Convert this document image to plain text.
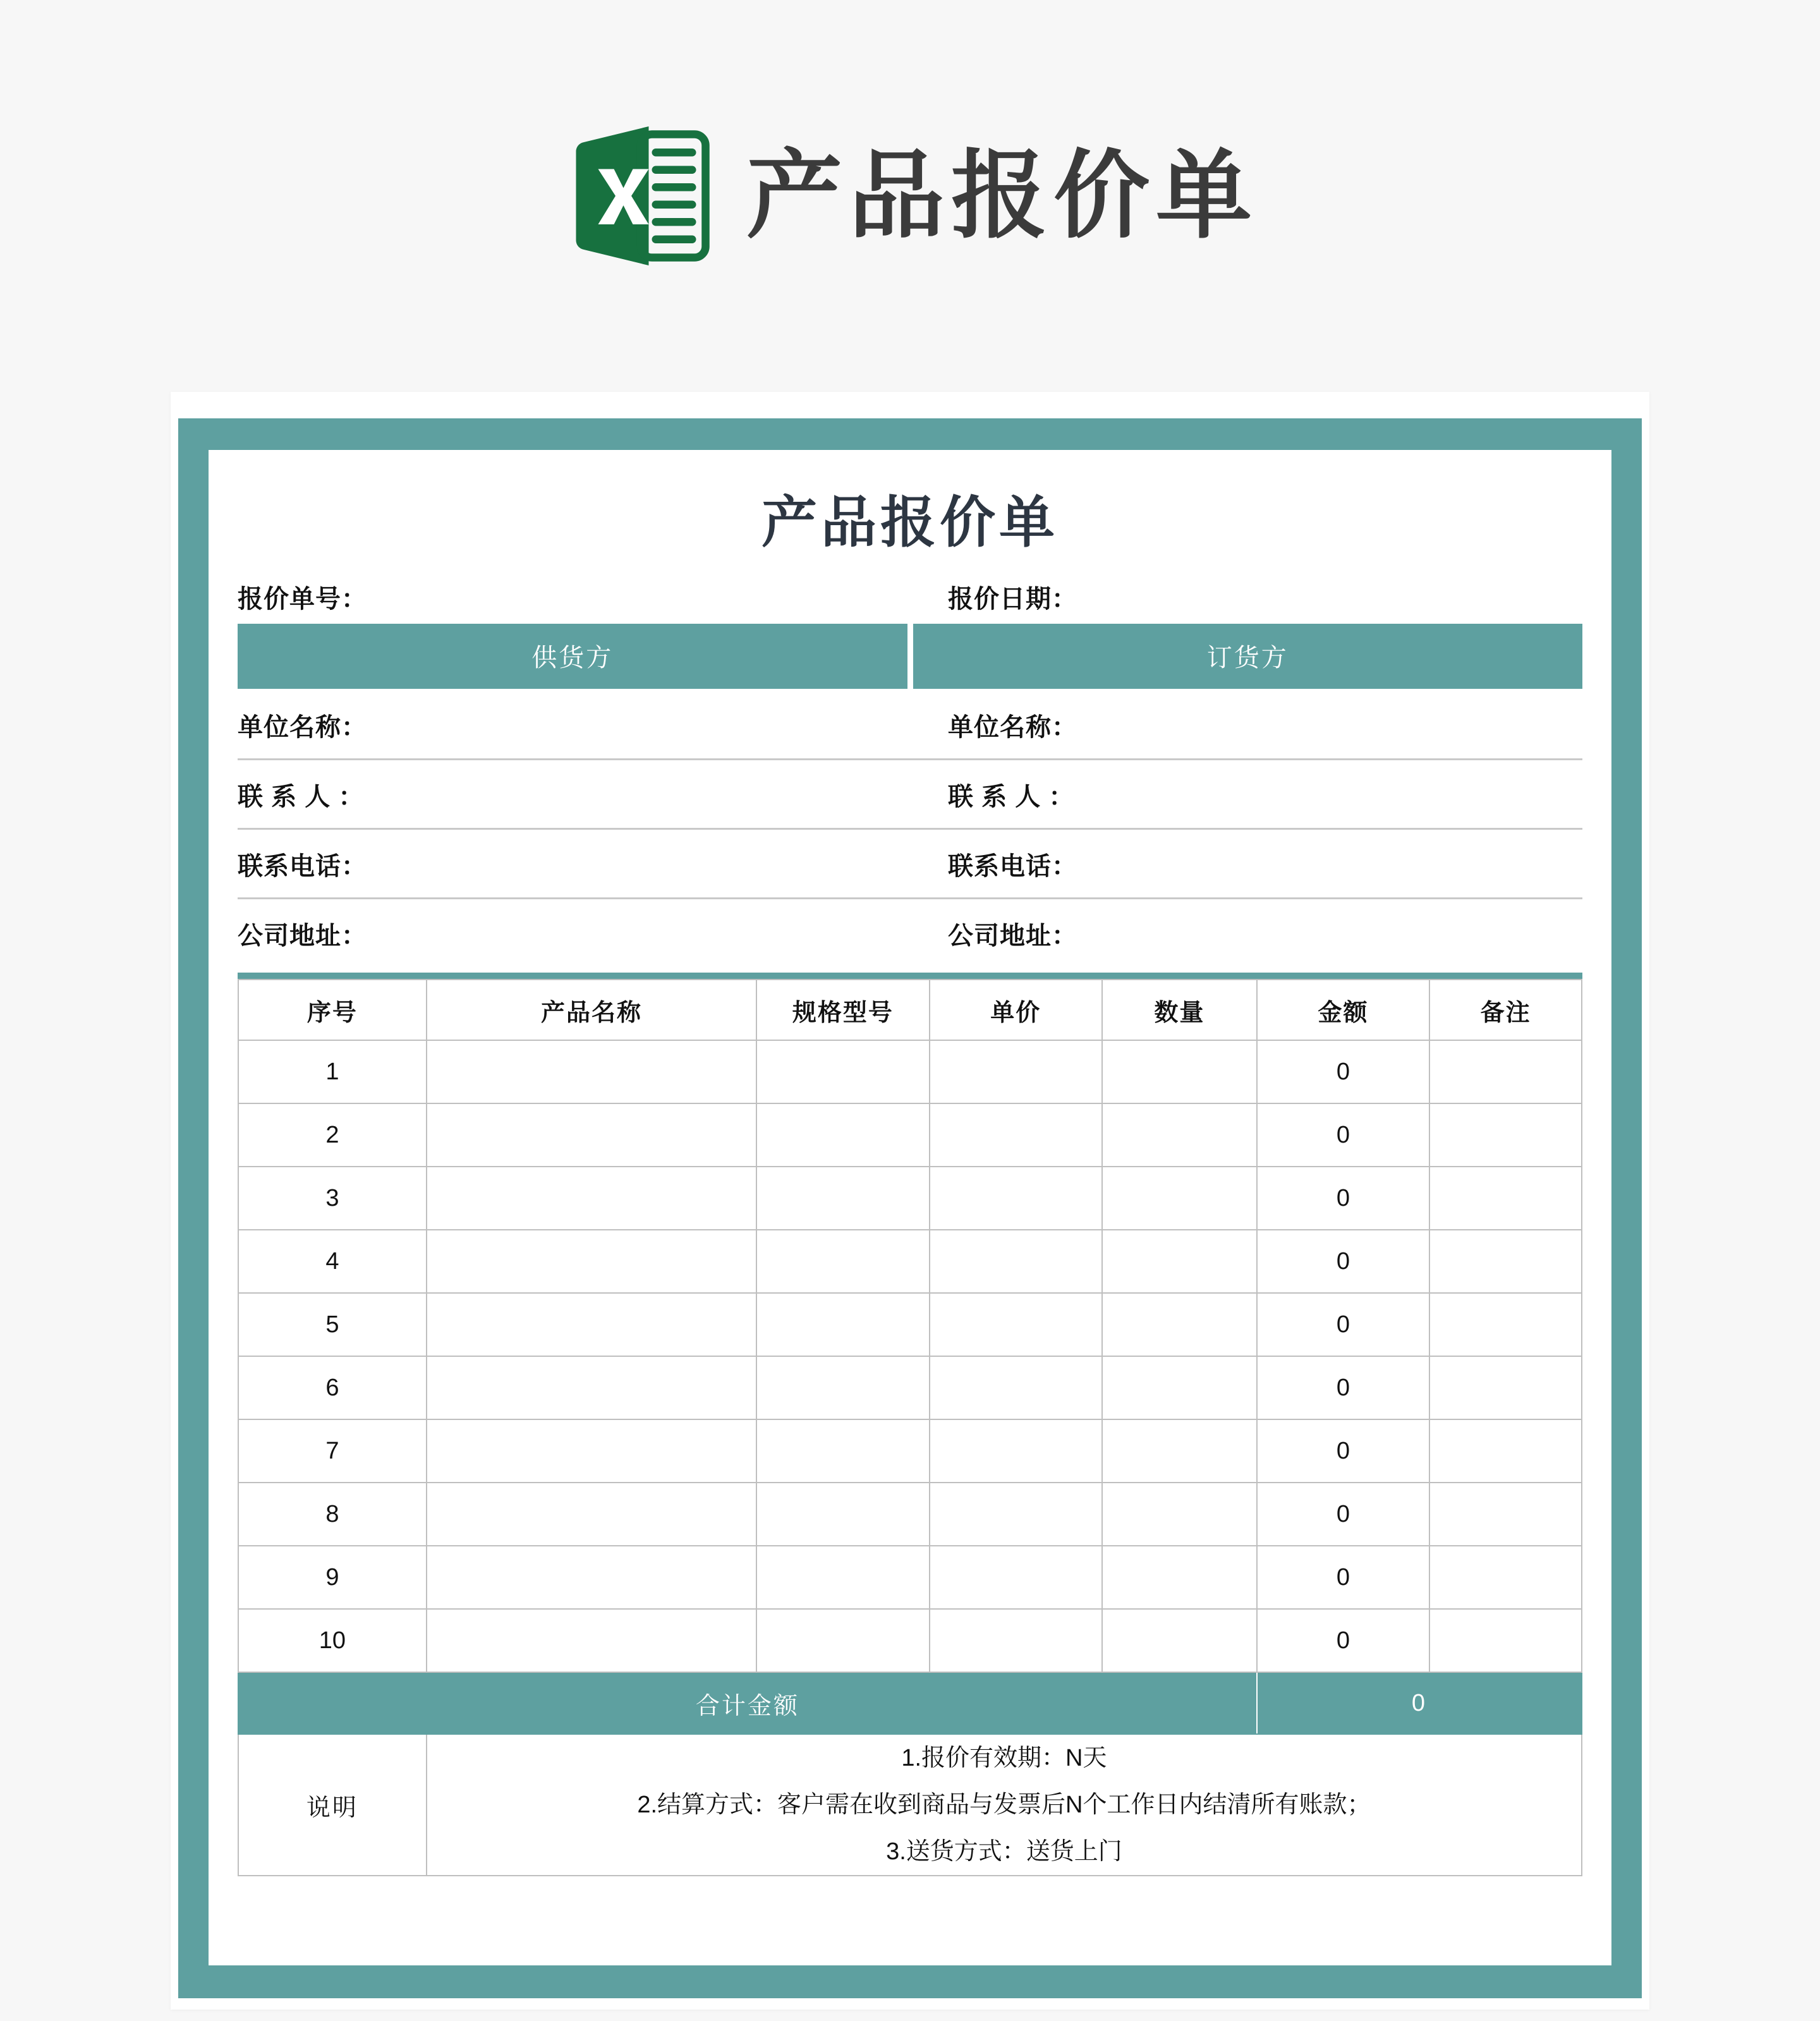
产品报价单
产品报价单
报价单号：	报价日期：
供货方	订货方
单位名称：	单位名称：
联 系 人 ：	联 系 人 ：
联系电话：	联系电话：
公司地址：	公司地址：
序号	产品名称	规格型号	单价	数量	金额	备注
1					0	
2					0	
3					0	
4					0	
5					0	
6					0	
7					0	
8					0	
9					0	
10					0	
合计金额					0	
说明	1.报价有效期：N天
2.结算方式：客户需在收到商品与发票后N个工作日内结清所有账款；
3.送货方式：送货上门					
